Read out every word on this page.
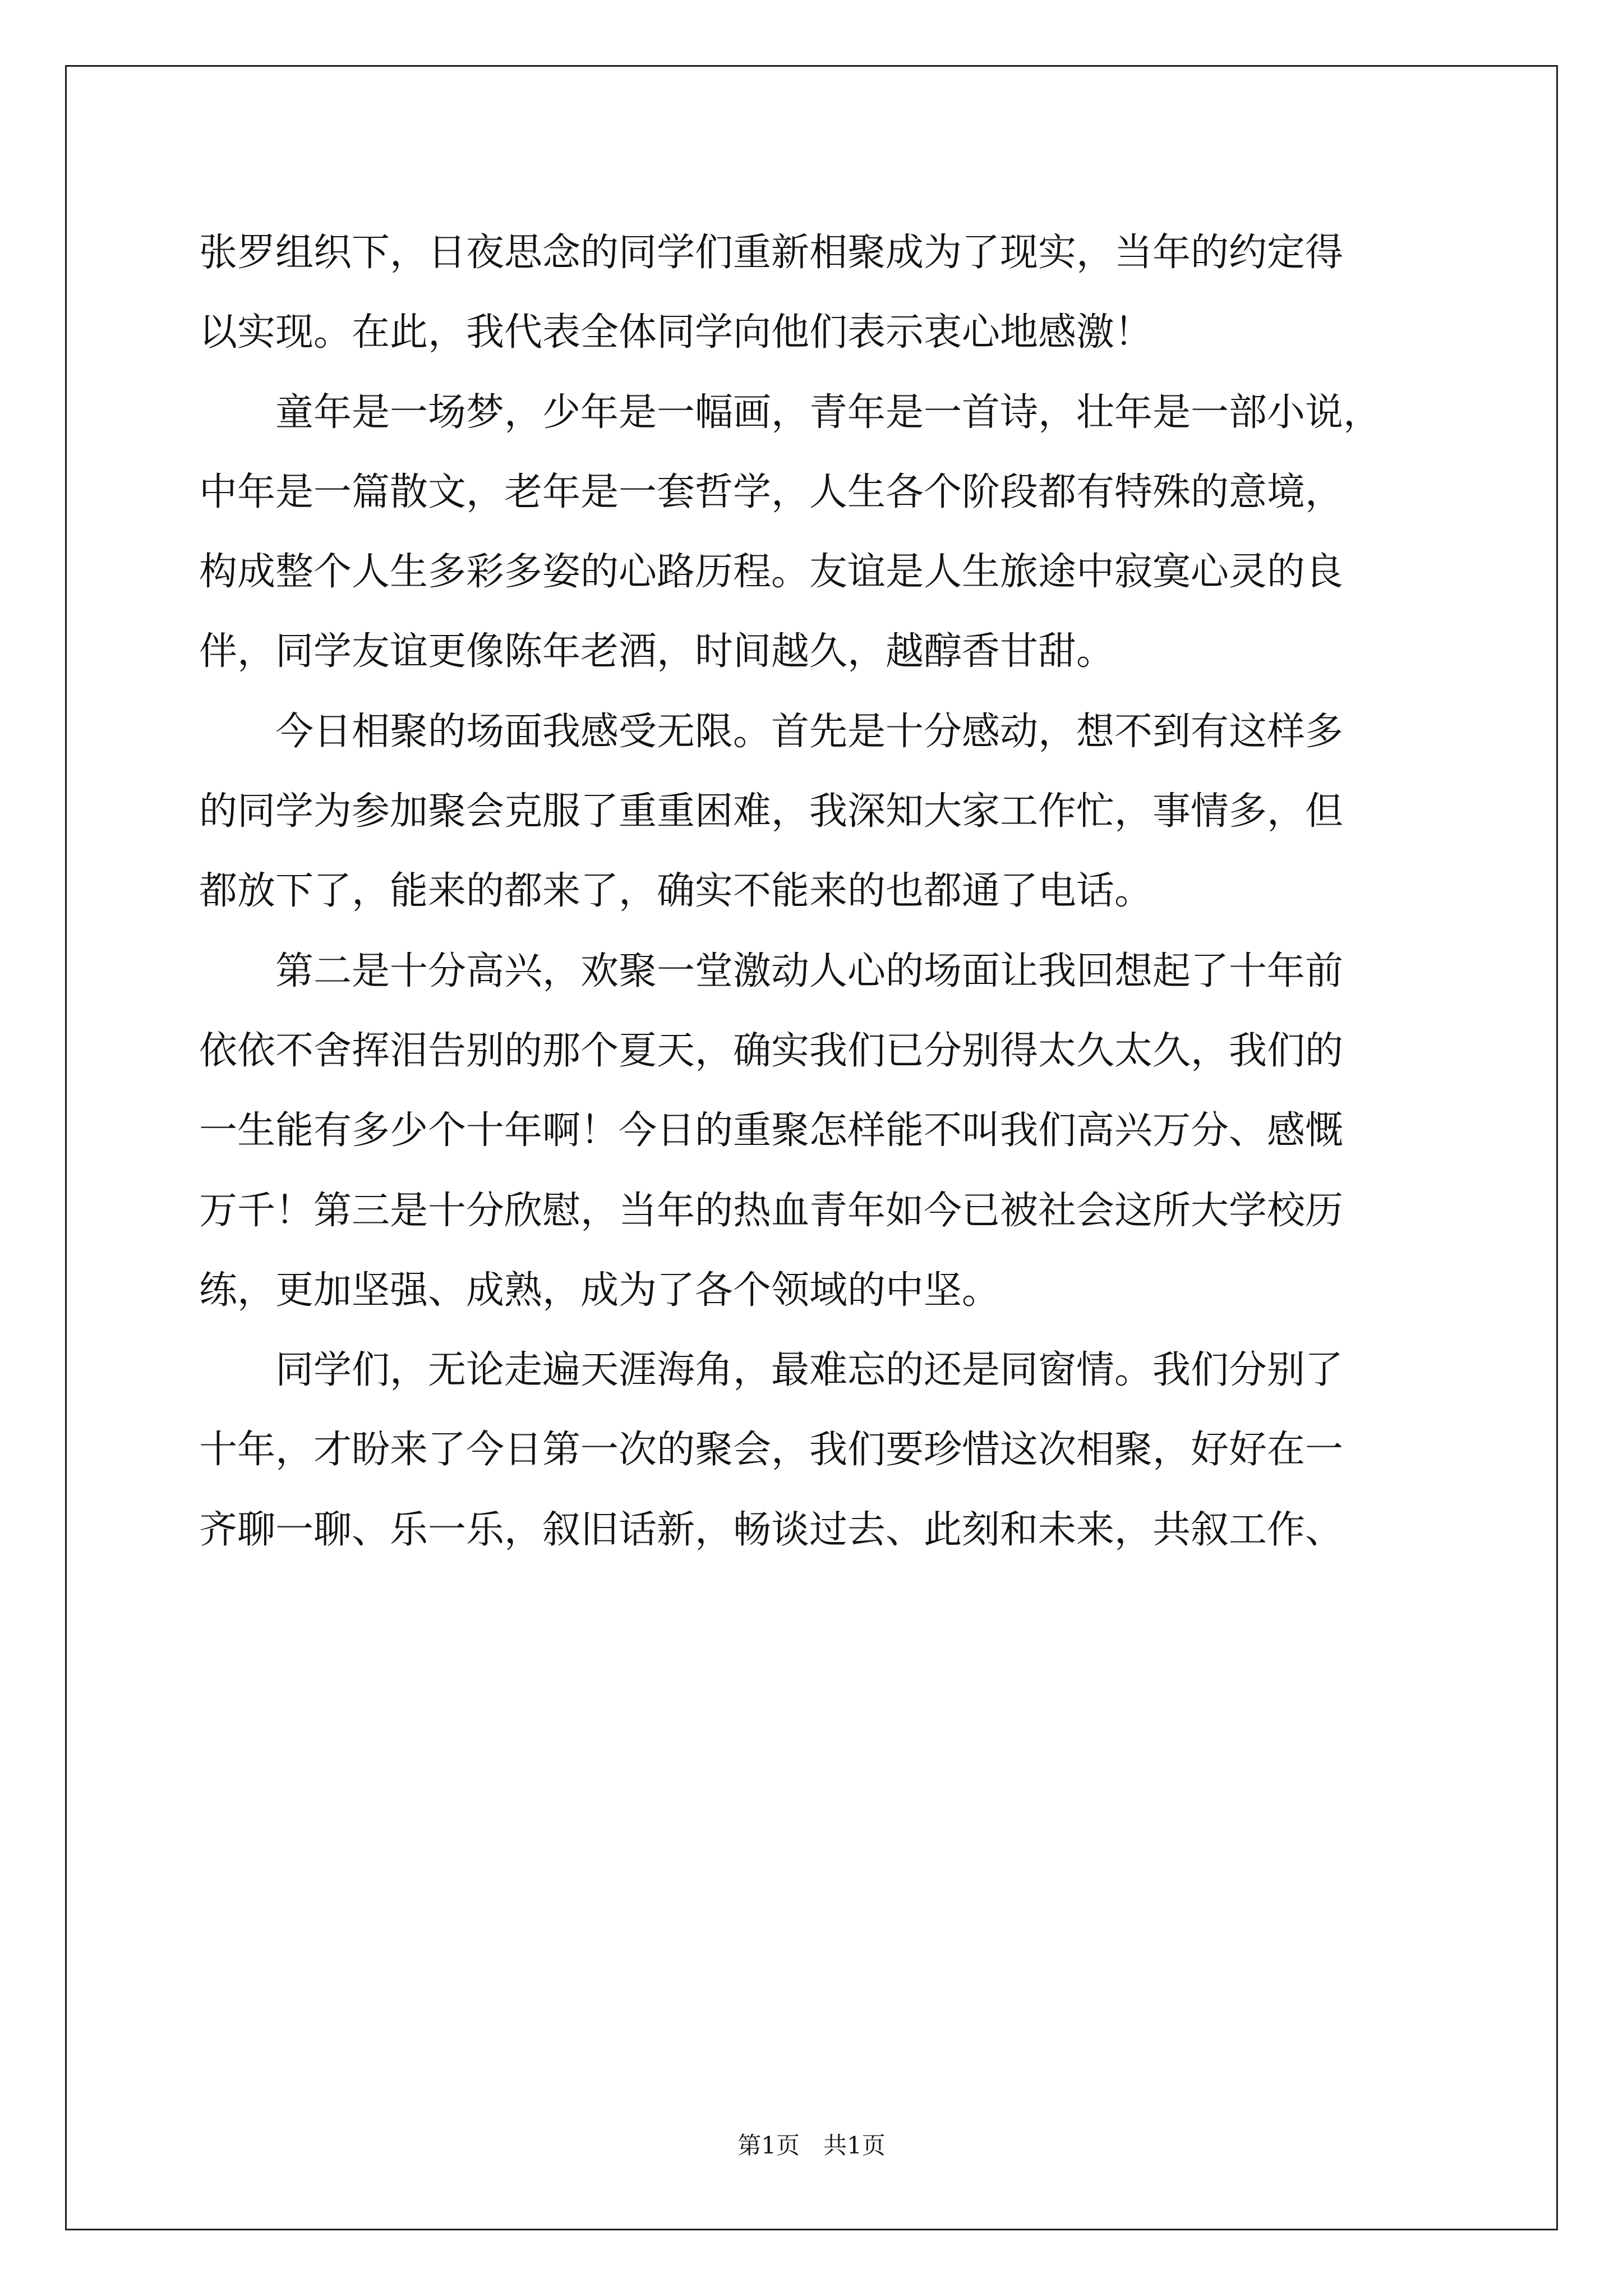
张罗组织下，日夜思念的同学们重新相聚成为了现实，当年的约定得
以实现。在此，我代表全体同学向他们表示衷心地感激！
　　童年是一场梦，少年是一幅画，青年是一首诗，壮年是一部小说，
中年是一篇散文，老年是一套哲学，人生各个阶段都有特殊的意境，
构成整个人生多彩多姿的心路历程。友谊是人生旅途中寂寞心灵的良
伴，同学友谊更像陈年老酒，时间越久，越醇香甘甜。
　　今日相聚的场面我感受无限。首先是十分感动，想不到有这样多
的同学为参加聚会克服了重重困难，我深知大家工作忙，事情多，但
都放下了，能来的都来了，确实不能来的也都通了电话。
　　第二是十分高兴，欢聚一堂激动人心的场面让我回想起了十年前
依依不舍挥泪告别的那个夏天，确实我们已分别得太久太久，我们的
一生能有多少个十年啊！今日的重聚怎样能不叫我们高兴万分、感慨
万千！第三是十分欣慰，当年的热血青年如今已被社会这所大学校历
练，更加坚强、成熟，成为了各个领域的中坚。
　　同学们，无论走遍天涯海角，最难忘的还是同窗情。我们分别了
十年，才盼来了今日第一次的聚会，我们要珍惜这次相聚，好好在一
齐聊一聊、乐一乐，叙旧话新，畅谈过去、此刻和未来，共叙工作、
第1页　共1页
